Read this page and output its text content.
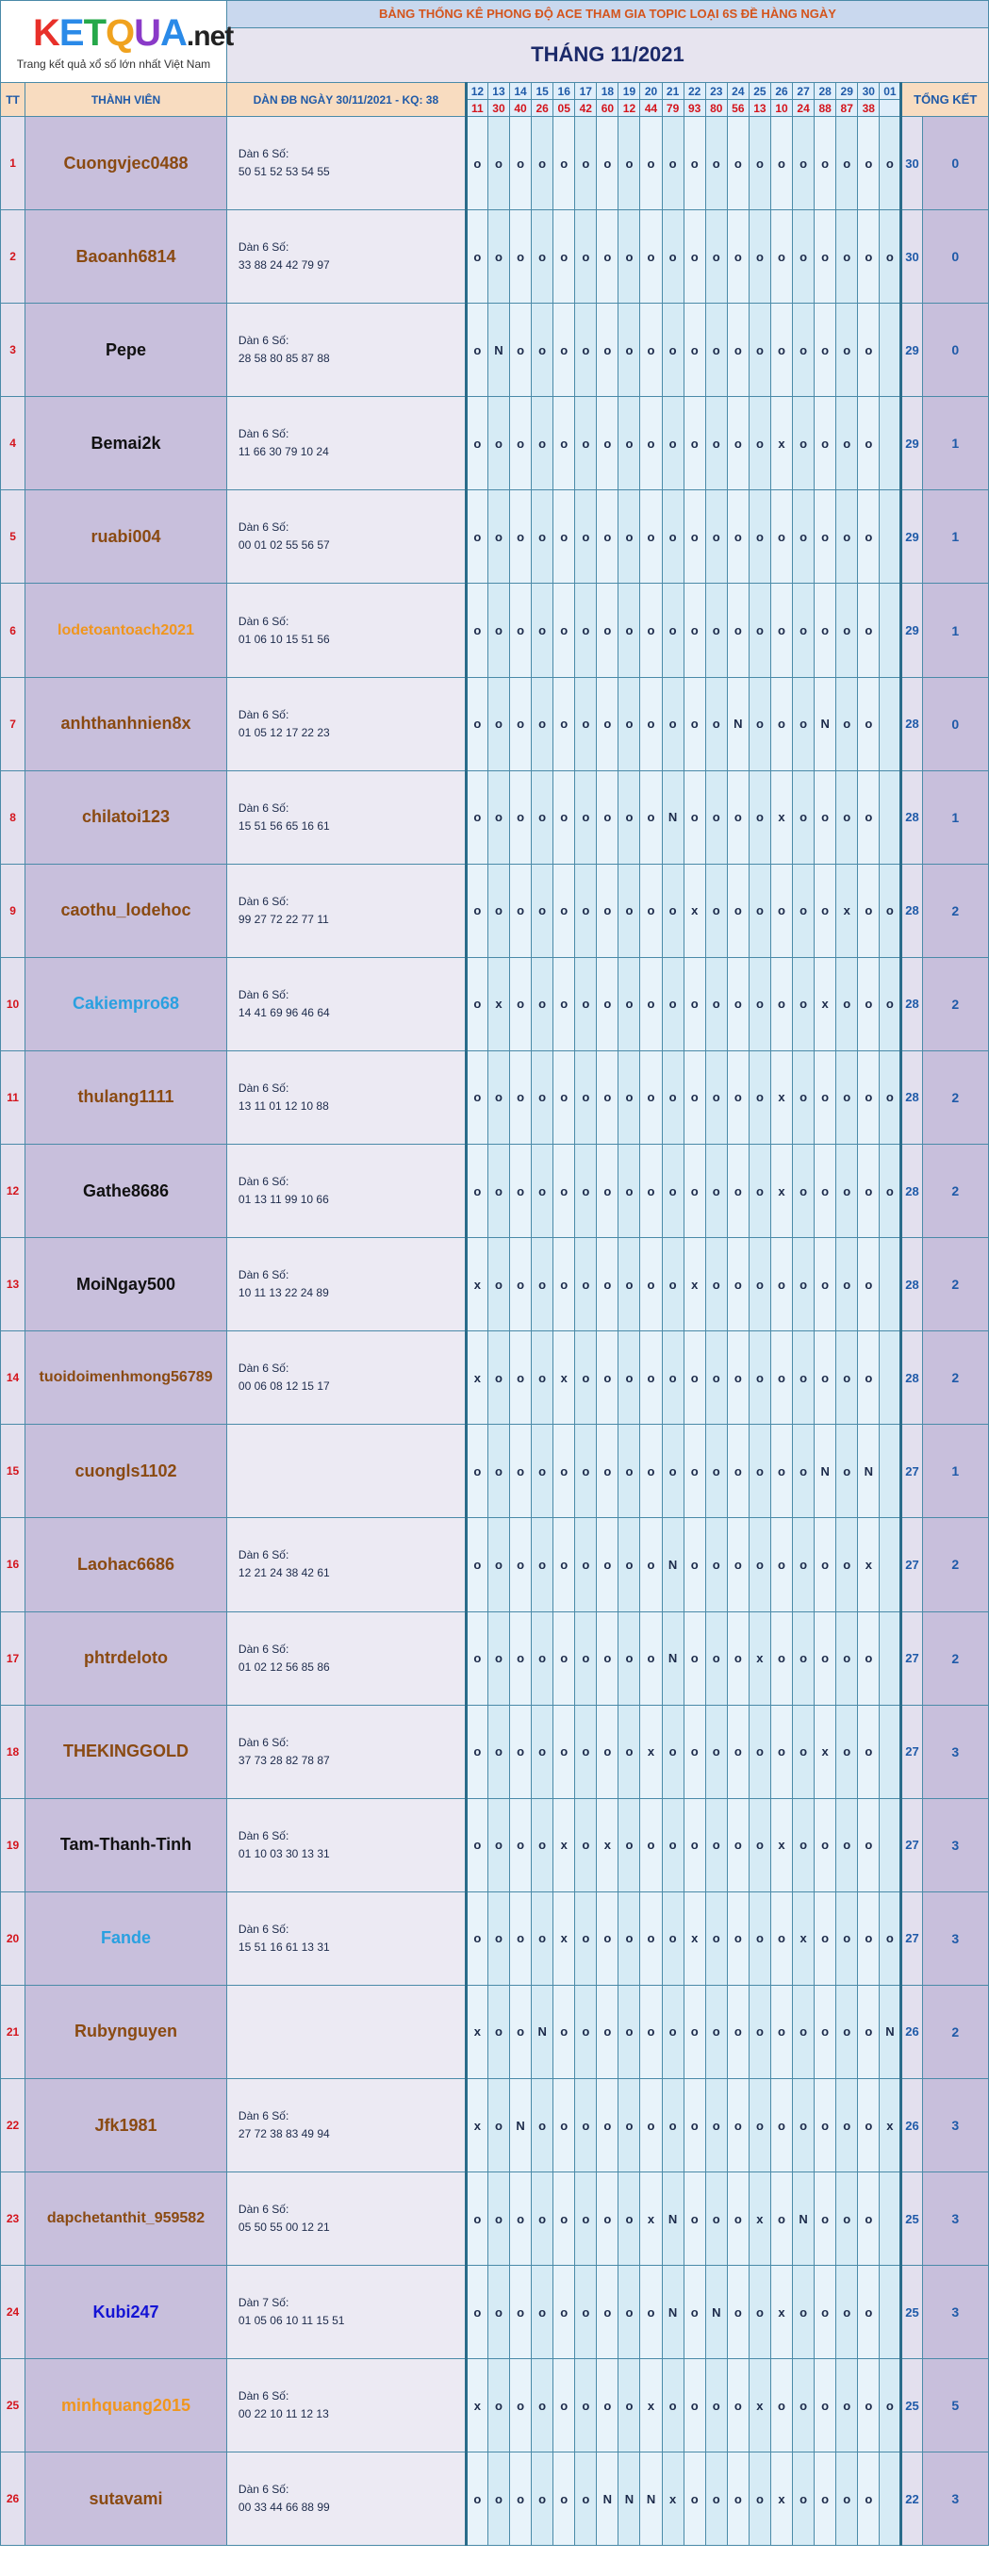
KETQUA.net
Trang kết quả xổ số lớn nhất Việt Nam		BẢNG THỐNG KÊ PHONG ĐỘ ACE THAM GIA TOPIC LOẠI 6S ĐỀ HÀNG NGÀY																						
		THÁNG 11/2021																						
TT	THÀNH VIÊN	DÀN ĐB NGÀY 30/11/2021 - KQ: 38	12	13	14	15	16	17	18	19	20	21	22	23	24	25	26	27	28	29	30	01	TỔNG KẾT	
			11	30	40	26	05	42	60	12	44	79	93	80	56	13	10	24	88	87	38			
1	Cuongvjec0488	Dàn 6 Số:
50 51 52 53 54 55	o	o	o	o	o	o	o	o	o	o	o	o	o	o	o	o	o	o	o	o	30	0
2	Baoanh6814	Dàn 6 Số:
33 88 24 42 79 97	o	o	o	o	o	o	o	o	o	o	o	o	o	o	o	o	o	o	o	o	30	0
3	Pepe	Dàn 6 Số:
28 58 80 85 87 88	o	N	o	o	o	o	o	o	o	o	o	o	o	o	o	o	o	o	o		29	0
4	Bemai2k	Dàn 6 Số:
11 66 30 79 10 24	o	o	o	o	o	o	o	o	o	o	o	o	o	o	x	o	o	o	o		29	1
5	ruabi004	Dàn 6 Số:
00 01 02 55 56 57	o	o	o	o	o	o	o	o	o	o	o	o	o	o	o	o	o	o	o		29	1
6	lodetoantoach2021	Dàn 6 Số:
01 06 10 15 51 56	o	o	o	o	o	o	o	o	o	o	o	o	o	o	o	o	o	o	o		29	1
7	anhthanhnien8x	Dàn 6 Số:
01 05 12 17 22 23	o	o	o	o	o	o	o	o	o	o	o	o	N	o	o	o	N	o	o		28	0
8	chilatoi123	Dàn 6 Số:
15 51 56 65 16 61	o	o	o	o	o	o	o	o	o	N	o	o	o	o	x	o	o	o	o		28	1
9	caothu_lodehoc	Dàn 6 Số:
99 27 72 22 77 11	o	o	o	o	o	o	o	o	o	o	x	o	o	o	o	o	o	x	o	o	28	2
10	Cakiempro68	Dàn 6 Số:
14 41 69 96 46 64	o	x	o	o	o	o	o	o	o	o	o	o	o	o	o	o	x	o	o	o	28	2
11	thulang1111	Dàn 6 Số:
13 11 01 12 10 88	o	o	o	o	o	o	o	o	o	o	o	o	o	o	x	o	o	o	o	o	28	2
12	Gathe8686	Dàn 6 Số:
01 13 11 99 10 66	o	o	o	o	o	o	o	o	o	o	o	o	o	o	x	o	o	o	o	o	28	2
13	MoiNgay500	Dàn 6 Số:
10 11 13 22 24 89	x	o	o	o	o	o	o	o	o	o	x	o	o	o	o	o	o	o	o		28	2
14	tuoidoimenhmong56789	Dàn 6 Số:
00 06 08 12 15 17	x	o	o	o	x	o	o	o	o	o	o	o	o	o	o	o	o	o	o		28	2
15	cuongls1102		o	o	o	o	o	o	o	o	o	o	o	o	o	o	o	o	N	o	N		27	1
16	Laohac6686	Dàn 6 Số:
12 21 24 38 42 61	o	o	o	o	o	o	o	o	o	N	o	o	o	o	o	o	o	o	x		27	2
17	phtrdeloto	Dàn 6 Số:
01 02 12 56 85 86	o	o	o	o	o	o	o	o	o	N	o	o	o	x	o	o	o	o	o		27	2
18	THEKINGGOLD	Dàn 6 Số:
37 73 28 82 78 87	o	o	o	o	o	o	o	o	x	o	o	o	o	o	o	o	x	o	o		27	3
19	Tam-Thanh-Tinh	Dàn 6 Số:
01 10 03 30 13 31	o	o	o	o	x	o	x	o	o	o	o	o	o	o	x	o	o	o	o		27	3
20	Fande	Dàn 6 Số:
15 51 16 61 13 31	o	o	o	o	x	o	o	o	o	o	x	o	o	o	o	x	o	o	o	o	27	3
21	Rubynguyen		x	o	o	N	o	o	o	o	o	o	o	o	o	o	o	o	o	o	o	N	26	2
22	Jfk1981	Dàn 6 Số:
27 72 38 83 49 94	x	o	N	o	o	o	o	o	o	o	o	o	o	o	o	o	o	o	o	x	26	3
23	dapchetanthit_959582	Dàn 6 Số:
05 50 55 00 12 21	o	o	o	o	o	o	o	o	x	N	o	o	o	x	o	N	o	o	o		25	3
24	Kubi247	Dàn 7 Số:
01 05 06 10 11 15 51	o	o	o	o	o	o	o	o	o	N	o	N	o	o	x	o	o	o	o		25	3
25	minhquang2015	Dàn 6 Số:
00 22 10 11 12 13	x	o	o	o	o	o	o	o	x	o	o	o	o	x	o	o	o	o	o	o	25	5
26	sutavami	Dàn 6 Số:
00 33 44 66 88 99	o	o	o	o	o	o	N	N	N	x	o	o	o	o	x	o	o	o	o		22	3
